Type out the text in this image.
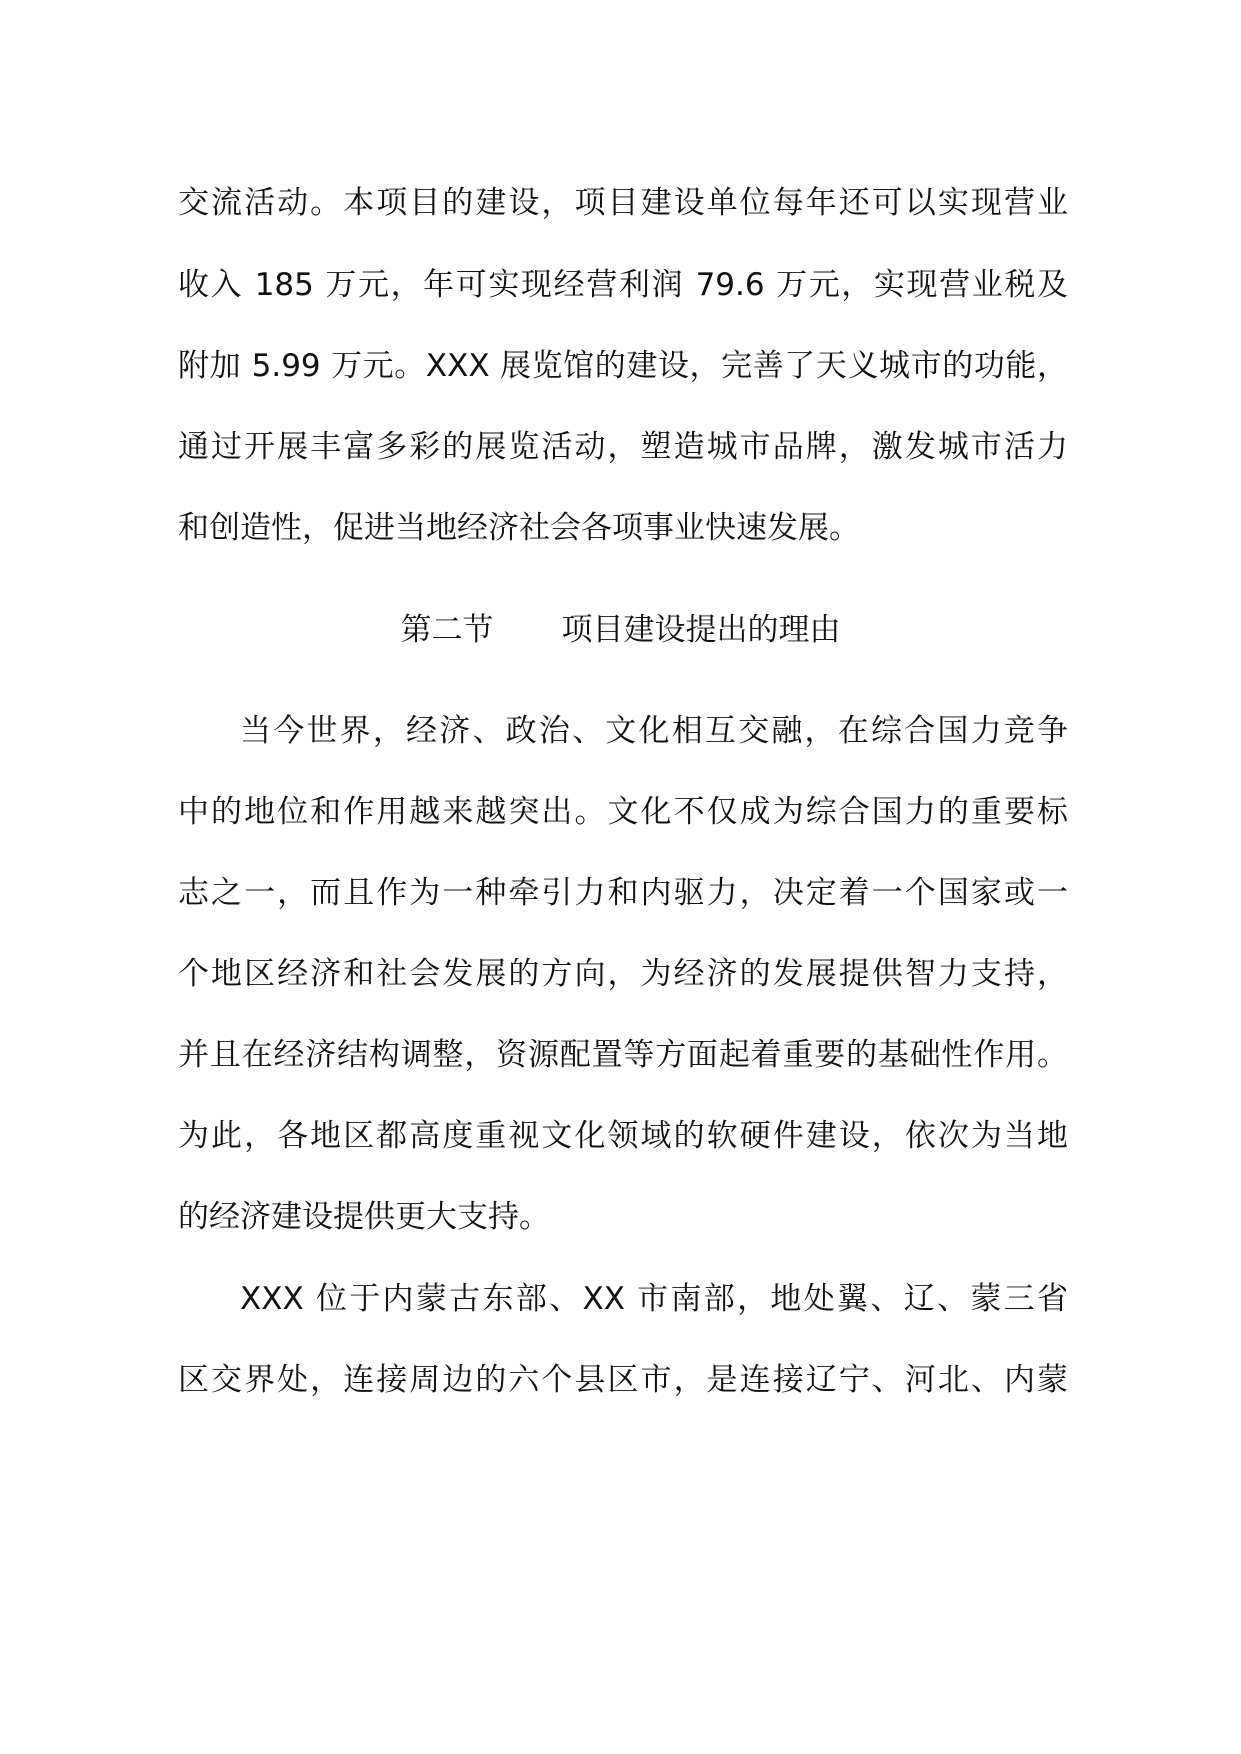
交流活动。本项目的建设，项目建设单位每年还可以实现营业
收入 185 万元，年可实现经营利润 79.6 万元，实现营业税及
附加 5.99 万元。XXX 展览馆的建设，完善了天义城市的功能，
通过开展丰富多彩的展览活动，塑造城市品牌，激发城市活力
和创造性，促进当地经济社会各项事业快速发展。
第二节 项目建设提出的理由
当今世界，经济、政治、文化相互交融，在综合国力竞争
中的地位和作用越来越突出。文化不仅成为综合国力的重要标
志之一，而且作为一种牵引力和内驱力，决定着一个国家或一
个地区经济和社会发展的方向，为经济的发展提供智力支持，
并且在经济结构调整，资源配置等方面起着重要的基础性作用。
为此，各地区都高度重视文化领域的软硬件建设，依次为当地
的经济建设提供更大支持。
XXX 位于内蒙古东部、XX 市南部，地处翼、辽、蒙三省
区交界处，连接周边的六个县区市，是连接辽宁、河北、内蒙
